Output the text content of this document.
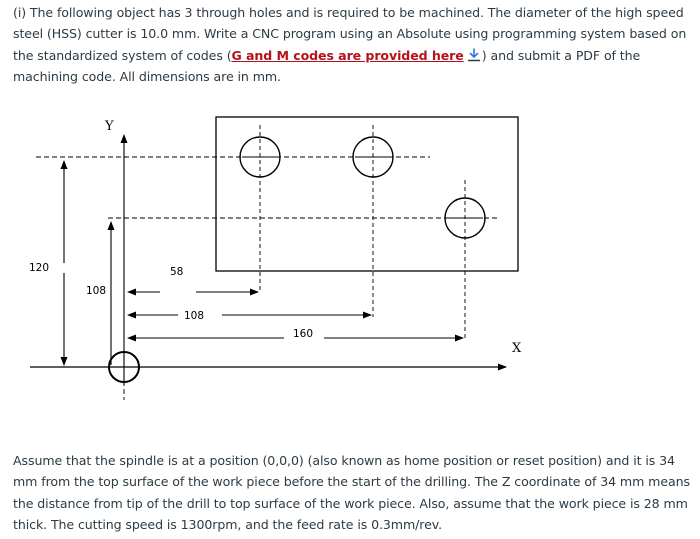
(i) The following object has 3 through holes and is required to be machined. The diameter of the high speed steel (HSS) cutter is 10.0 mm. Write a CNC program using an Absolute using programming system based on the standardized system of codes (G and M codes are provided here ) and submit a PDF of the machining code. All dimensions are in mm.
Y
X
120
108
58
108
160
Assume that the spindle is at a position (0,0,0) (also known as home position or reset position) and it is 34 mm from the top surface of the work piece before the start of the drilling. The Z coordinate of 34 mm means the distance from tip of the drill to top surface of the work piece. Also, assume that the work piece is 28 mm thick. The cutting speed is 1300rpm, and the feed rate is 0.3mm/rev.
